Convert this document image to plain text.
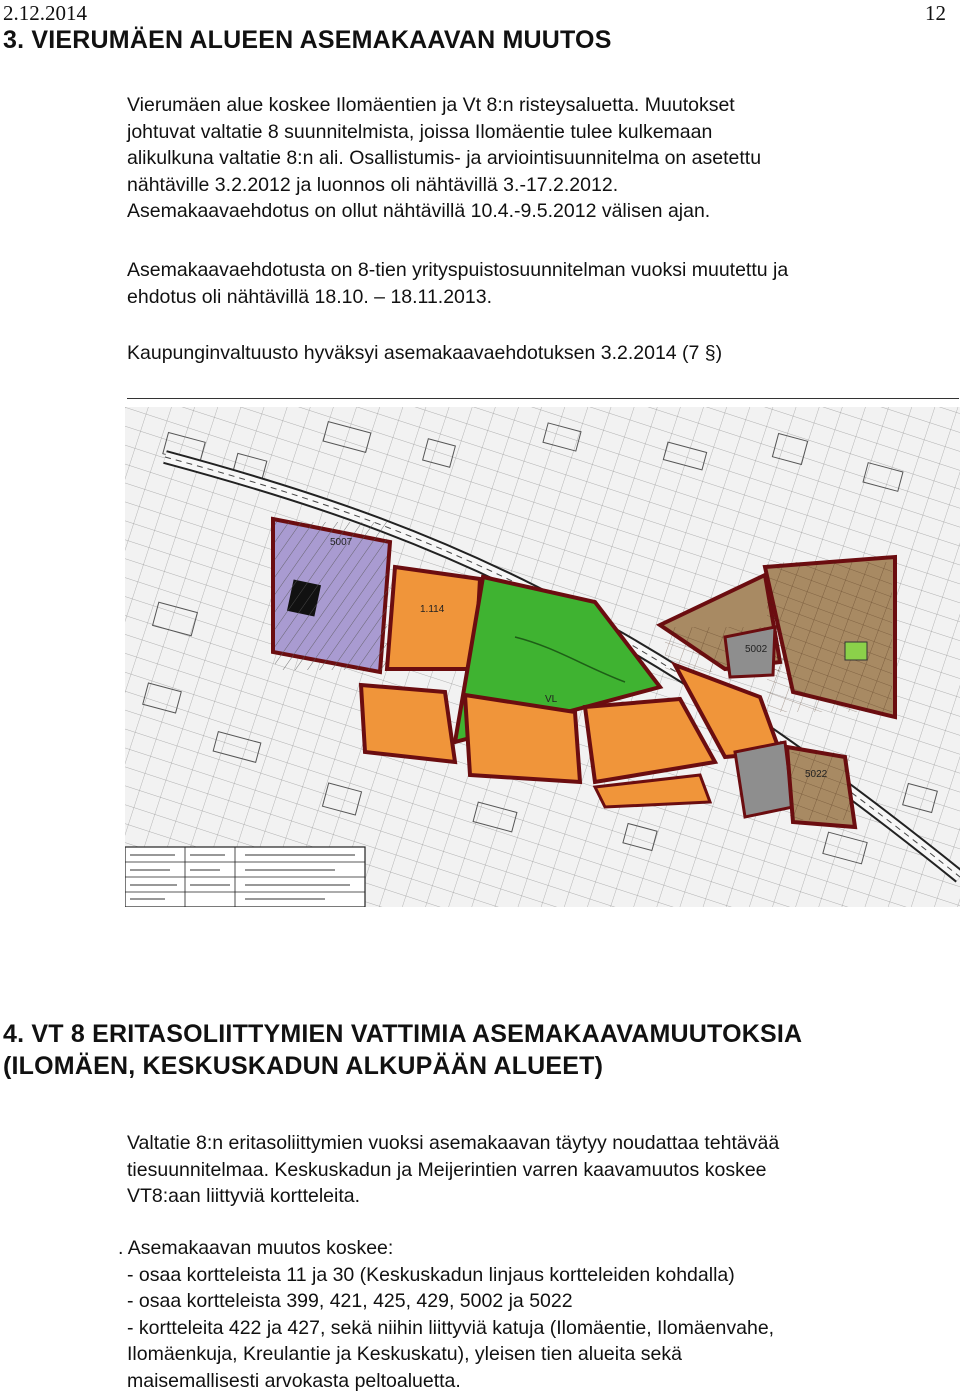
2.12.2014	12
3. VIERUMÄEN ALUEEN ASEMAKAAVAN MUUTOS
Vierumäen alue koskee Ilomäentien ja Vt 8:n risteysaluetta. Muutokset
johtuvat valtatie 8 suunnitelmista, joissa Ilomäentie tulee kulkemaan
alikulkuna valtatie 8:n ali. Osallistumis- ja arviointisuunnitelma on asetettu
nähtäville 3.2.2012 ja luonnos oli nähtävillä 3.-17.2.2012.
Asemakaavaehdotus on ollut nähtävillä 10.4.-9.5.2012 välisen ajan.
Asemakaavaehdotusta on 8-tien yrityspuistosuunnitelman vuoksi muutettu ja
ehdotus oli nähtävillä 18.10. – 18.11.2013.
Kaupunginvaltuusto hyväksyi asemakaavaehdotuksen 3.2.2014 (7 §)
5007
1.114
VL
5002
5022
4. VT 8 ERITASOLIITTYMIEN VATTIMIA ASEMAKAAVAMUUTOKSIA
(ILOMÄEN, KESKUSKADUN ALKUPÄÄN ALUEET)
Valtatie 8:n eritasoliittymien vuoksi asemakaavan täytyy noudattaa tehtävää
tiesuunnitelmaa. Keskuskadun ja Meijerintien varren kaavamuutos koskee
VT8:aan liittyviä kortteleita.
. Asemakaavan muutos koskee:
- osaa kortteleista 11 ja 30 (Keskuskadun linjaus kortteleiden kohdalla)
- osaa kortteleista 399, 421, 425, 429, 5002 ja 5022
- kortteleita 422 ja 427, sekä niihin liittyviä katuja (Ilomäentie, Ilomäenvahe,
Ilomäenkuja, Kreulantie ja Keskuskatu), yleisen tien alueita sekä
maisemallisesti arvokasta peltoaluetta.
